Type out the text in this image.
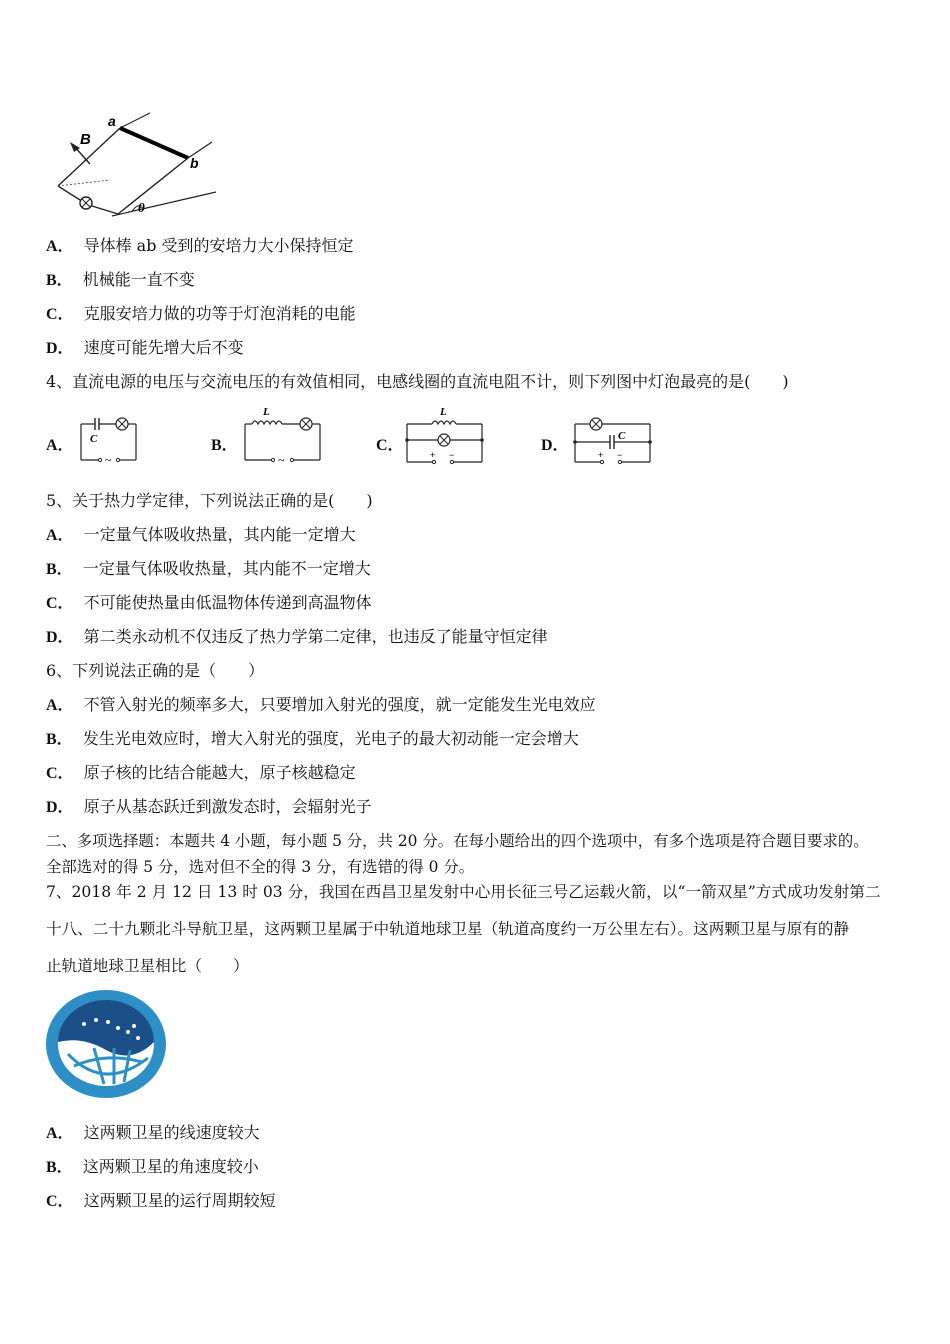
B
a
b
θ
A． 导体棒 ab 受到的安培力大小保持恒定
B． 机械能一直不变
C． 克服安培力做的功等于灯泡消耗的电能
D． 速度可能先增大后不变
4、直流电源的电压与交流电压的有效值相同，电感线圈的直流电阻不计，则下列图中灯泡最亮的是(　　)
A． C
~
B．
L
~
C．
L
+ −
D．
C
+ −
5、关于热力学定律，下列说法正确的是(　　)
A． 一定量气体吸收热量，其内能一定增大
B． 一定量气体吸收热量，其内能不一定增大
C． 不可能使热量由低温物体传递到高温物体
D． 第二类永动机不仅违反了热力学第二定律，也违反了能量守恒定律
6、下列说法正确的是（　　）
A． 不管入射光的频率多大，只要增加入射光的强度，就一定能发生光电效应
B． 发生光电效应时，增大入射光的强度，光电子的最大初动能一定会增大
C． 原子核的比结合能越大，原子核越稳定
D． 原子从基态跃迁到激发态时，会辐射光子
二、多项选择题：本题共 4 小题，每小题 5 分，共 20 分。在每小题给出的四个选项中，有多个选项是符合题目要求的。
全部选对的得 5 分，选对但不全的得 3 分，有选错的得 0 分。
7、2018 年 2 月 12 日 13 时 03 分，我国在西昌卫星发射中心用长征三号乙运载火箭，以“一箭双星”方式成功发射第二
十八、二十九颗北斗导航卫星，这两颗卫星属于中轨道地球卫星（轨道高度约一万公里左右）。这两颗卫星与原有的静
止轨道地球卫星相比（　　）
A． 这两颗卫星的线速度较大
B． 这两颗卫星的角速度较小
C． 这两颗卫星的运行周期较短
